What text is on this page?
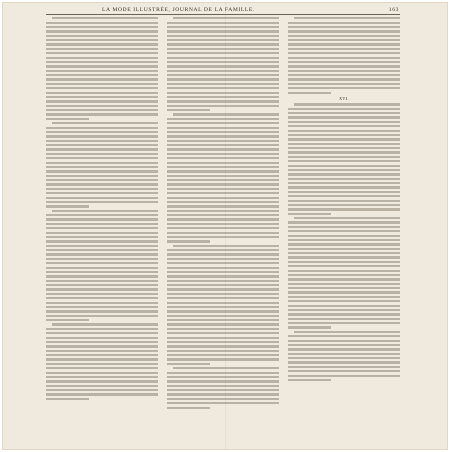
LA MODE ILLUSTRÉE, JOURNAL DE LA FAMILLE.	163
XVI.
